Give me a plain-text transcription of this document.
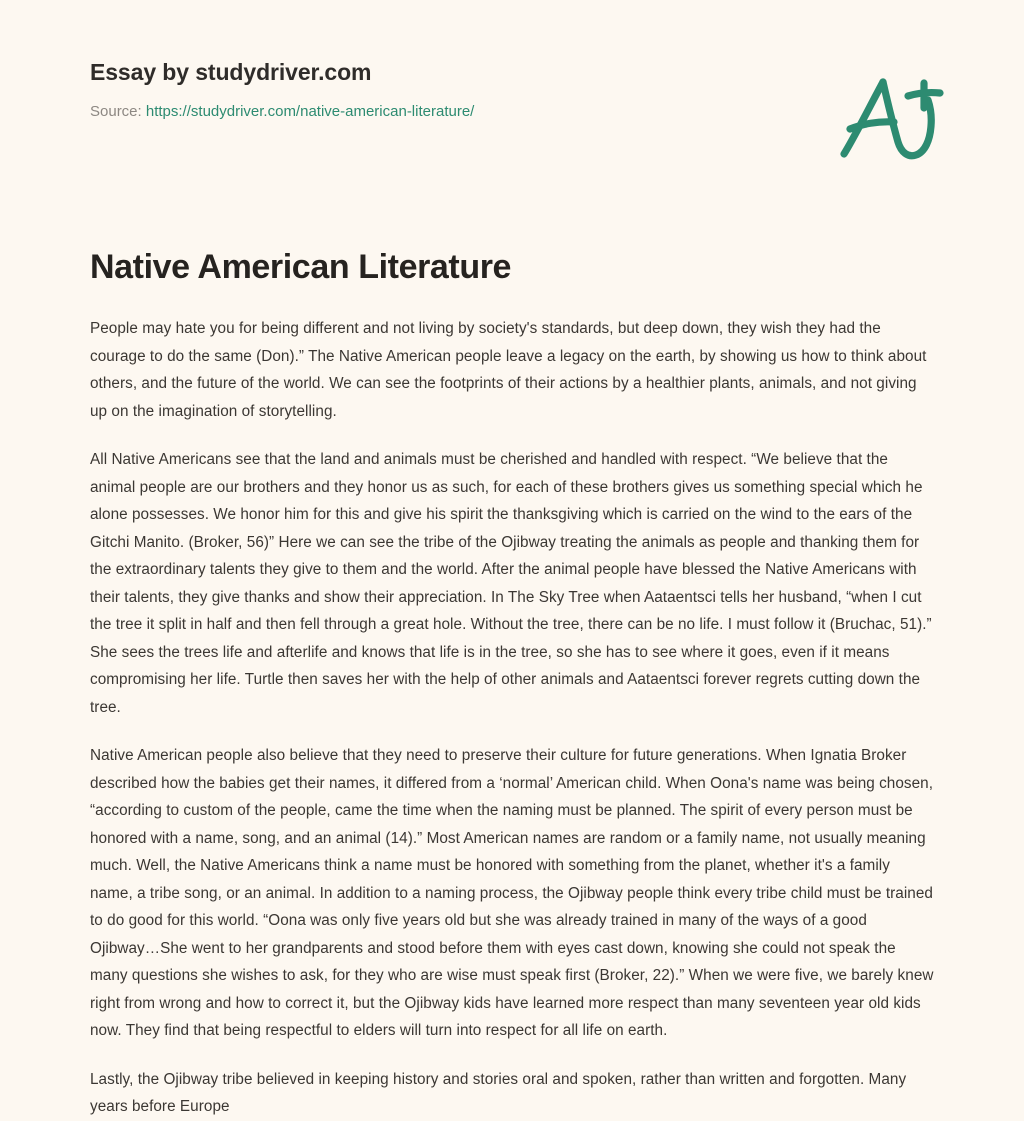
Essay by studydriver.com
Source: https://studydriver.com/native-american-literature/
Native American Literature

People may hate you for being different and not living by society's standards, but deep down, they wish they had the courage to do the same (Don).” The Native American people leave a legacy on the earth, by showing us how to think about others, and the future of the world. We can see the footprints of their actions by a healthier plants, animals, and not giving up on the imagination of storytelling.

All Native Americans see that the land and animals must be cherished and handled with respect. “We believe that the animal people are our brothers and they honor us as such, for each of these brothers gives us something special which he alone possesses. We honor him for this and give his spirit the thanksgiving which is carried on the wind to the ears of the Gitchi Manito. (Broker, 56)” Here we can see the tribe of the Ojibway treating the animals as people and thanking them for the extraordinary talents they give to them and the world. After the animal people have blessed the Native Americans with their talents, they give thanks and show their appreciation. In The Sky Tree when Aataentsci tells her husband, “when I cut the tree it split in half and then fell through a great hole. Without the tree, there can be no life. I must follow it (Bruchac, 51).” She sees the trees life and afterlife and knows that life is in the tree, so she has to see where it goes, even if it means compromising her life. Turtle then saves her with the help of other animals and Aataentsci forever regrets cutting down the tree.

Native American people also believe that they need to preserve their culture for future generations. When Ignatia Broker described how the babies get their names, it differed from a ‘normal’ American child. When Oona's name was being chosen, “according to custom of the people, came the time when the naming must be planned. The spirit of every person must be honored with a name, song, and an animal (14).” Most American names are random or a family name, not usually meaning much. Well, the Native Americans think a name must be honored with something from the planet, whether it's a family name, a tribe song, or an animal. In addition to a naming process, the Ojibway people think every tribe child must be trained to do good for this world. “Oona was only five years old but she was already trained in many of the ways of a good Ojibway…She went to her grandparents and stood before them with eyes cast down, knowing she could not speak the many questions she wishes to ask, for they who are wise must speak first (Broker, 22).” When we were five, we barely knew right from wrong and how to correct it, but the Ojibway kids have learned more respect than many seventeen year old kids now. They find that being respectful to elders will turn into respect for all life on earth.

Lastly, the Ojibway tribe believed in keeping history and stories oral and spoken, rather than written and forgotten. Many years before Europe
